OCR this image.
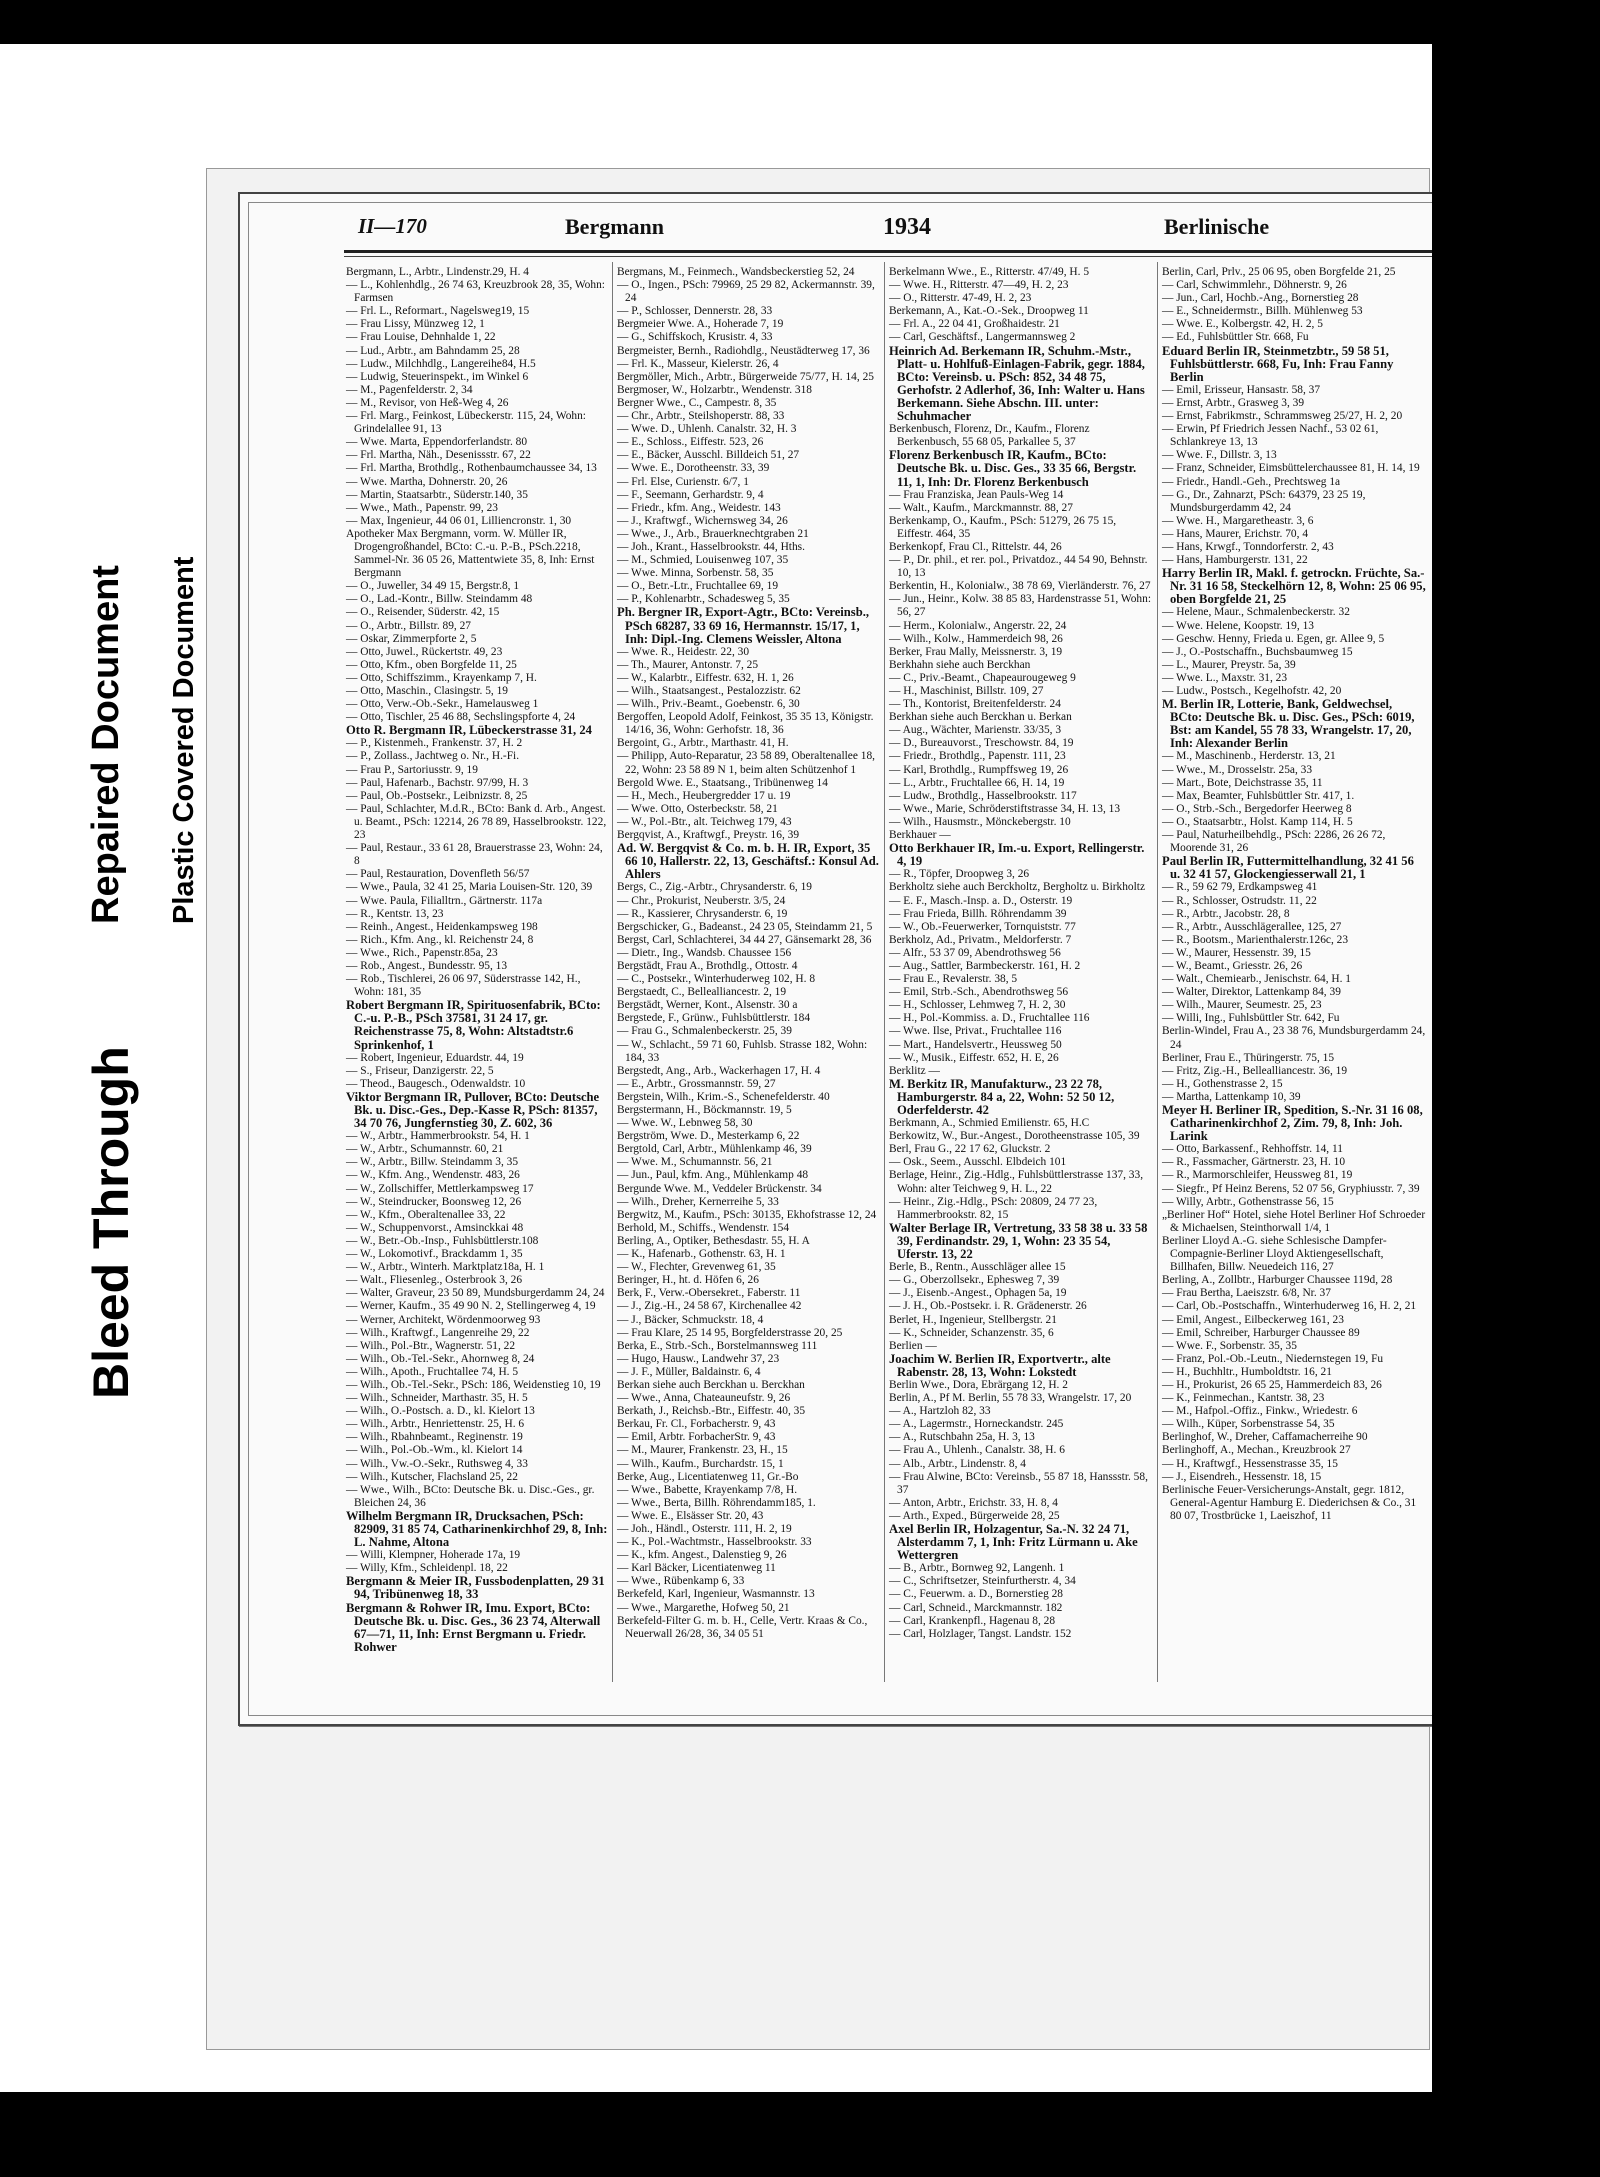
Bleed Through
Repaired Document Plastic Covered Document
II—170	Bergmann	1934	Berlinische

Bergmann, L., Arbtr., Lindenstr.29, H. 4

— L., Kohlenhdlg., 26 74 63, Kreuzbrook 28, 35, Wohn: Farmsen

— Frl. L., Reformart., Nagelsweg19, 15

— Frau Lissy, Münzweg 12, 1

— Frau Louise, Dehnhalde 1, 22

— Lud., Arbtr., am Bahndamm 25, 28

— Ludw., Milchhdlg., Langereihe84, H.5

— Ludwig, Steuerinspekt., im Winkel 6

— M., Pagenfelderstr. 2, 34

— M., Revisor, von Heß-Weg 4, 26

— Frl. Marg., Feinkost, Lübeckerstr. 115, 24, Wohn: Grindelallee 91, 13

— Wwe. Marta, Eppendorferlandstr. 80

— Frl. Martha, Näh., Desenissstr. 67, 22

— Frl. Martha, Brothdlg., Rothenbaumchaussee 34, 13

— Wwe. Martha, Dohnerstr. 20, 26

— Martin, Staatsarbtr., Süderstr.140, 35

— Wwe., Math., Papenstr. 99, 23

— Max, Ingenieur, 44 06 01, Lilliencronstr. 1, 30

Apotheker Max Bergmann, vorm. W. Müller IR, Drogengroßhandel, BCto: C.-u. P.-B., PSch.2218, Sammel-Nr. 36 05 26, Mattentwiete 35, 8, Inh: Ernst Bergmann

— O., Juweller, 34 49 15, Bergstr.8, 1

— O., Lad.-Kontr., Billw. Steindamm 48

— O., Reisender, Süderstr. 42, 15

— O., Arbtr., Billstr. 89, 27

— Oskar, Zimmerpforte 2, 5

— Otto, Juwel., Rückertstr. 49, 23

— Otto, Kfm., oben Borgfelde 11, 25

— Otto, Schiffszimm., Krayenkamp 7, H.

— Otto, Maschin., Clasingstr. 5, 19

— Otto, Verw.-Ob.-Sekr., Hamelausweg 1

— Otto, Tischler, 25 46 88, Sechslingspforte 4, 24

Otto R. Bergmann IR, Lübeckerstrasse 31, 24

— P., Kistenmeh., Frankenstr. 37, H. 2

— P., Zollass., Jachtweg o. Nr., H.-Fi.

— Frau P., Sartoriusstr. 9, 19

— Paul, Hafenarb., Bachstr. 97/99, H. 3

— Paul, Ob.-Postsekr., Leibnizstr. 8, 25

— Paul, Schlachter, M.d.R., BCto: Bank d. Arb., Angest. u. Beamt., PSch: 12214, 26 78 89, Hasselbrookstr. 122, 23

— Paul, Restaur., 33 61 28, Brauerstrasse 23, Wohn: 24, 8

— Paul, Restauration, Dovenfleth 56/57

— Wwe., Paula, 32 41 25, Maria Louisen-Str. 120, 39

— Wwe. Paula, Filialltrn., Gärtnerstr. 117a

— R., Kentstr. 13, 23

— Reinh., Angest., Heidenkampsweg 198

— Rich., Kfm. Ang., kl. Reichenstr 24, 8

— Wwe., Rich., Papenstr.85a, 23

— Rob., Angest., Bundesstr. 95, 13

— Rob., Tischlerei, 26 06 97, Süderstrasse 142, H., Wohn: 181, 35

Robert Bergmann IR, Spirituosenfabrik, BCto: C.-u. P.-B., PSch 37581, 31 24 17, gr. Reichenstrasse 75, 8, Wohn: Altstadtstr.6 Sprinkenhof, 1

— Robert, Ingenieur, Eduardstr. 44, 19

— S., Friseur, Danzigerstr. 22, 5

— Theod., Baugesch., Odenwaldstr. 10

Viktor Bergmann IR, Pullover, BCto: Deutsche Bk. u. Disc.-Ges., Dep.-Kasse R, PSch: 81357, 34 70 76, Jungfernstieg 30, Z. 602, 36

— W., Arbtr., Hammerbrookstr. 54, H. 1

— W., Arbtr., Schumannstr. 60, 21

— W., Arbtr., Billw. Steindamm 3, 35

— W., Kfm. Ang., Wendenstr. 483, 26

— W., Zollschiffer, Mettlerkampsweg 17

— W., Steindrucker, Boonsweg 12, 26

— W., Kfm., Oberaltenallee 33, 22

— W., Schuppenvorst., Amsinckkai 48

— W., Betr.-Ob.-Insp., Fuhlsbüttlerstr.108

— W., Lokomotivf., Brackdamm 1, 35

— W., Arbtr., Winterh. Marktplatz18a, H. 1

— Walt., Fliesenleg., Osterbrook 3, 26

— Walter, Graveur, 23 50 89, Mundsburgerdamm 24, 24

— Werner, Kaufm., 35 49 90 N. 2, Stellingerweg 4, 19

— Werner, Architekt, Wördenmoorweg 93

— Wilh., Kraftwgf., Langenreihe 29, 22

— Wilh., Pol.-Btr., Wagnerstr. 51, 22

— Wilh., Ob.-Tel.-Sekr., Ahornweg 8, 24

— Wilh., Apoth., Fruchtallee 74, H. 5

— Wilh., Ob.-Tel.-Sekr., PSch: 186, Weidenstieg 10, 19

— Wilh., Schneider, Marthastr. 35, H. 5

— Wilh., O.-Postsch. a. D., kl. Kielort 13

— Wilh., Arbtr., Henriettenstr. 25, H. 6

— Wilh., Rbahnbeamt., Reginenstr. 19

— Wilh., Pol.-Ob.-Wm., kl. Kielort 14

— Wilh., Vw.-O.-Sekr., Ruthsweg 4, 33

— Wilh., Kutscher, Flachsland 25, 22

— Wwe., Wilh., BCto: Deutsche Bk. u. Disc.-Ges., gr. Bleichen 24, 36

Wilhelm Bergmann IR, Drucksachen, PSch: 82909, 31 85 74, Catharinenkirchhof 29, 8, Inh: L. Nahme, Altona

— Willi, Klempner, Hoherade 17a, 19

— Willy, Kfm., Schleidenpl. 18, 22

Bergmann & Meier IR, Fussbodenplatten, 29 31 94, Tribünenweg 18, 33

Bergmann & Rohwer IR, Imu. Export, BCto: Deutsche Bk. u. Disc. Ges., 36 23 74, Alterwall 67—71, 11, Inh: Ernst Bergmann u. Friedr. Rohwer

Bergmans, M., Feinmech., Wandsbeckerstieg 52, 24

— O., Ingen., PSch: 79969, 25 29 82, Ackermannstr. 39, 24

— P., Schlosser, Dennerstr. 28, 33

Bergmeier Wwe. A., Hoherade 7, 19

— G., Schiffskoch, Krusistr. 4, 33

Bergmeister, Bernh., Radiohdlg., Neustädterweg 17, 36

— Frl. K., Masseur, Kielerstr. 26, 4

Bergmöller, Mich., Arbtr., Bürgerweide 75/77, H. 14, 25

Bergmoser, W., Holzarbtr., Wendenstr. 318

Bergner Wwe., C., Campestr. 8, 35

— Chr., Arbtr., Steilshoperstr. 88, 33

— Wwe. D., Uhlenh. Canalstr. 32, H. 3

— E., Schloss., Eiffestr. 523, 26

— E., Bäcker, Ausschl. Billdeich 51, 27

— Wwe. E., Dorotheenstr. 33, 39

— Frl. Else, Curienstr. 6/7, 1

— F., Seemann, Gerhardstr. 9, 4

— Friedr., kfm. Ang., Weidestr. 143

— J., Kraftwgf., Wichernsweg 34, 26

— Wwe., J., Arb., Brauerknechtgraben 21

— Joh., Krant., Hasselbrookstr. 44, Hths.

— M., Schmied, Louisenweg 107, 35

— Wwe. Minna, Sorbenstr. 58, 35

— O., Betr.-Ltr., Fruchtallee 69, 19

— P., Kohlenarbtr., Schadesweg 5, 35

Ph. Bergner IR, Export-Agtr., BCto: Vereinsb., PSch 68287, 33 69 16, Hermannstr. 15/17, 1, Inh: Dipl.-Ing. Clemens Weissler, Altona

— Wwe. R., Heidestr. 22, 30

— Th., Maurer, Antonstr. 7, 25

— W., Kalarbtr., Eiffestr. 632, H. 1, 26

— Wilh., Staatsangest., Pestalozzistr. 62

— Wilh., Priv.-Beamt., Goebenstr. 6, 30

Bergoffen, Leopold Adolf, Feinkost, 35 35 13, Königstr. 14/16, 36, Wohn: Gerhofstr. 18, 36

Bergoint, G., Arbtr., Marthastr. 41, H.

— Philipp, Auto-Reparatur, 23 58 89, Oberaltenallee 18, 22, Wohn: 23 58 89 N 1, beim alten Schützenhof 1

Bergold Wwe. E., Staatsang., Tribünenweg 14

— H., Mech., Heubergredder 17 u. 19

— Wwe. Otto, Osterbeckstr. 58, 21

— W., Pol.-Btr., alt. Teichweg 179, 43

Bergqvist, A., Kraftwgf., Preystr. 16, 39

Ad. W. Bergqvist & Co. m. b. H. IR, Export, 35 66 10, Hallerstr. 22, 13, Geschäftsf.: Konsul Ad. Ahlers

Bergs, C., Zig.-Arbtr., Chrysanderstr. 6, 19

— Chr., Prokurist, Neuberstr. 3/5, 24

— R., Kassierer, Chrysanderstr. 6, 19

Bergschicker, G., Badeanst., 24 23 05, Steindamm 21, 5

Bergst, Carl, Schlachterei, 34 44 27, Gänsemarkt 28, 36

— Dietr., Ing., Wandsb. Chaussee 156

Bergstädt, Frau A., Brothdlg., Ottostr. 4

— C., Postsekr., Winterhuderweg 102, H. 8

Bergstaedt, C., Bellealliancestr. 2, 19

Bergstädt, Werner, Kont., Alsenstr. 30 a

Bergstede, F., Grünw., Fuhlsbüttlerstr. 184

— Frau G., Schmalenbeckerstr. 25, 39

— W., Schlacht., 59 71 60, Fuhlsb. Strasse 182, Wohn: 184, 33

Bergstedt, Ang., Arb., Wackerhagen 17, H. 4

— E., Arbtr., Grossmannstr. 59, 27

Bergstein, Wilh., Krim.-S., Schenefelderstr. 40

Bergstermann, H., Böckmannstr. 19, 5

— Wwe. W., Lebnweg 58, 30

Bergström, Wwe. D., Mesterkamp 6, 22

Bergtold, Carl, Arbtr., Mühlenkamp 46, 39

— Wwe. M., Schumannstr. 56, 21

— Jun., Paul, kfm. Ang., Mühlenkamp 48

Bergunde Wwe. M., Veddeler Brückenstr. 34

— Wilh., Dreher, Kernerreihe 5, 33

Bergwitz, M., Kaufm., PSch: 30135, Ekhofstrasse 12, 24

Berhold, M., Schiffs., Wendenstr. 154

Berling, A., Optiker, Bethesdastr. 55, H. A

— K., Hafenarb., Gothenstr. 63, H. 1

— W., Flechter, Grevenweg 61, 35

Beringer, H., ht. d. Höfen 6, 26

Berk, F., Verw.-Obersekret., Faberstr. 11

— J., Zig.-H., 24 58 67, Kirchenallee 42

— J., Bäcker, Schmuckstr. 18, 4

— Frau Klare, 25 14 95, Borgfelderstrasse 20, 25

Berka, E., Strb.-Sch., Borstelmannsweg 111

— Hugo, Hausw., Landwehr 37, 23

— J. F., Müller, Baldainstr. 6, 4

Berkan siehe auch Berckhan u. Berckhan

— Wwe., Anna, Chateauneufstr. 9, 26

Berkath, J., Reichsb.-Btr., Eiffestr. 40, 35

Berkau, Fr. Cl., Forbacherstr. 9, 43

— Emil, Arbtr. ForbacherStr. 9, 43

— M., Maurer, Frankenstr. 23, H., 15

— Wilh., Kaufm., Burchardstr. 15, 1

Berke, Aug., Licentiatenweg 11, Gr.-Bo

— Wwe., Babette, Krayenkamp 7/8, H.

— Wwe., Berta, Billh. Röhrendamm185, 1.

— Wwe. E., Elsässer Str. 20, 43

— Joh., Händl., Osterstr. 111, H. 2, 19

— K., Pol.-Wachtmstr., Hasselbrookstr. 33

— K., kfm. Angest., Dalenstieg 9, 26

— Karl Bäcker, Licentiatenweg 11

— Wwe., Rübenkamp 6, 33

Berkefeld, Karl, Ingenieur, Wasmannstr. 13

— Wwe., Margarethe, Hofweg 50, 21

Berkefeld-Filter G. m. b. H., Celle, Vertr. Kraas & Co., Neuerwall 26/28, 36, 34 05 51

Berkelmann Wwe., E., Ritterstr. 47/49, H. 5

— Wwe. H., Ritterstr. 47—49, H. 2, 23

— O., Ritterstr. 47-49, H. 2, 23

Berkemann, A., Kat.-O.-Sek., Droopweg 11

— Frl. A., 22 04 41, Großhaidestr. 21

— Carl, Geschäftsf., Langermannsweg 2

Heinrich Ad. Berkemann IR, Schuhm.-Mstr., Platt- u. Hohlfuß-Einlagen-Fabrik, gegr. 1884, BCto: Vereinsb. u. PSch: 852, 34 48 75, Gerhofstr. 2 Adlerhof, 36, Inh: Walter u. Hans Berkemann. Siehe Abschn. III. unter: Schuhmacher

Berkenbusch, Florenz, Dr., Kaufm., Florenz Berkenbusch, 55 68 05, Parkallee 5, 37

Florenz Berkenbusch IR, Kaufm., BCto: Deutsche Bk. u. Disc. Ges., 33 35 66, Bergstr. 11, 1, Inh: Dr. Florenz Berkenbusch

— Frau Franziska, Jean Pauls-Weg 14

— Walt., Kaufm., Marckmannstr. 88, 27

Berkenkamp, O., Kaufm., PSch: 51279, 26 75 15, Eiffestr. 464, 35

Berkenkopf, Frau Cl., Rittelstr. 44, 26

— P., Dr. phil., et rer. pol., Privatdoz., 44 54 90, Behnstr. 10, 13

Berkentin, H., Kolonialw., 38 78 69, Vierländerstr. 76, 27

— Jun., Heinr., Kolw. 38 85 83, Hardenstrasse 51, Wohn: 56, 27

— Herm., Kolonialw., Angerstr. 22, 24

— Wilh., Kolw., Hammerdeich 98, 26

Berker, Frau Mally, Meissnerstr. 3, 19

Berkhahn siehe auch Berckhan

— C., Priv.-Beamt., Chapeaurougeweg 9

— H., Maschinist, Billstr. 109, 27

— Th., Kontorist, Breitenfelderstr. 24

Berkhan siehe auch Berckhan u. Berkan

— Aug., Wächter, Marienstr. 33/35, 3

— D., Bureauvorst., Treschowstr. 84, 19

— Friedr., Brothdlg., Papenstr. 111, 23

— Karl, Brothdlg., Rumpffsweg 19, 26

— L., Arbtr., Fruchtallee 66, H. 14, 19

— Ludw., Brothdlg., Hasselbrookstr. 117

— Wwe., Marie, Schröderstiftstrasse 34, H. 13, 13

— Wilh., Hausmstr., Mönckebergstr. 10

Berkhauer —

Otto Berkhauer IR, Im.-u. Export, Rellingerstr. 4, 19

— R., Töpfer, Droopweg 3, 26

Berkholtz siehe auch Berckholtz, Bergholtz u. Birkholtz

— E. F., Masch.-Insp. a. D., Osterstr. 19

— Frau Frieda, Billh. Röhrendamm 39

— W., Ob.-Feuerwerker, Tornquiststr. 77

Berkholz, Ad., Privatm., Meldorferstr. 7

— Alfr., 53 37 09, Abendrothsweg 56

— Aug., Sattler, Barmbeckerstr. 161, H. 2

— Frau E., Revalerstr. 38, 5

— Emil, Strb.-Sch., Abendrothsweg 56

— H., Schlosser, Lehmweg 7, H. 2, 30

— H., Pol.-Kommiss. a. D., Fruchtallee 116

— Wwe. Ilse, Privat., Fruchtallee 116

— Mart., Handelsvertr., Heussweg 50

— W., Musik., Eiffestr. 652, H. E, 26

Berklitz —

M. Berkitz IR, Manufakturw., 23 22 78, Hamburgerstr. 84 a, 22, Wohn: 52 50 12, Oderfelderstr. 42

Berkmann, A., Schmied Emilienstr. 65, H.C

Berkowitz, W., Bur.-Angest., Dorotheenstrasse 105, 39

Berl, Frau G., 22 17 62, Gluckstr. 2

— Osk., Seem., Ausschl. Elbdeich 101

Berlage, Heinr., Zig.-Hdlg., Fuhlsbüttlerstrasse 137, 33, Wohn: alter Teichweg 9, H. L., 22

— Heinr., Zig.-Hdlg., PSch: 20809, 24 77 23, Hammerbrookstr. 82, 15

Walter Berlage IR, Vertretung, 33 58 38 u. 33 58 39, Ferdinandstr. 29, 1, Wohn: 23 35 54, Uferstr. 13, 22

Berle, B., Rentn., Ausschläger allee 15

— G., Oberzollsekr., Ephesweg 7, 39

— J., Eisenb.-Angest., Ophagen 5a, 19

— J. H., Ob.-Postsekr. i. R. Grädenerstr. 26

Berlet, H., Ingenieur, Stellbergstr. 21

— K., Schneider, Schanzenstr. 35, 6

Berlien —

Joachim W. Berlien IR, Exportvertr., alte Rabenstr. 28, 13, Wohn: Lokstedt

Berlin Wwe., Dora, Ebrärgang 12, H. 2

Berlin, A., Pf M. Berlin, 55 78 33, Wrangelstr. 17, 20

— A., Hartzloh 82, 33

— A., Lagermstr., Horneckandstr. 245

— A., Rutschbahn 25a, H. 3, 13

— Frau A., Uhlenh., Canalstr. 38, H. 6

— Alb., Arbtr., Lindenstr. 8, 4

— Frau Alwine, BCto: Vereinsb., 55 87 18, Hanssstr. 58, 37

— Anton, Arbtr., Erichstr. 33, H. 8, 4

— Arth., Exped., Bürgerweide 28, 25

Axel Berlin IR, Holzagentur, Sa.-N. 32 24 71, Alsterdamm 7, 1, Inh: Fritz Lürmann u. Ake Wettergren

— B., Arbtr., Bornweg 92, Langenh. 1

— C., Schriftsetzer, Steinfurtherstr. 4, 34

— C., Feuerwm. a. D., Bornerstieg 28

— Carl, Schneid., Marckmannstr. 182

— Carl, Krankenpfl., Hagenau 8, 28

— Carl, Holzlager, Tangst. Landstr. 152

Berlin, Carl, Prlv., 25 06 95, oben Borgfelde 21, 25

— Carl, Schwimmlehr., Döhnerstr. 9, 26

— Jun., Carl, Hochb.-Ang., Bornerstieg 28

— E., Schneidermstr., Billh. Mühlenweg 53

— Wwe. E., Kolbergstr. 42, H. 2, 5

— Ed., Fuhlsbüttler Str. 668, Fu

Eduard Berlin IR, Steinmetzbtr., 59 58 51, Fuhlsbüttlerstr. 668, Fu, Inh: Frau Fanny Berlin

— Emil, Erisseur, Hansastr. 58, 37

— Ernst, Arbtr., Grasweg 3, 39

— Ernst, Fabrikmstr., Schrammsweg 25/27, H. 2, 20

— Erwin, Pf Friedrich Jessen Nachf., 53 02 61, Schlankreye 13, 13

— Wwe. F., Dillstr. 3, 13

— Franz, Schneider, Eimsbüttelerchaussee 81, H. 14, 19

— Friedr., Handl.-Geh., Prechtsweg 1a

— G., Dr., Zahnarzt, PSch: 64379, 23 25 19, Mundsburgerdamm 42, 24

— Wwe. H., Margaretheastr. 3, 6

— Hans, Maurer, Erichstr. 70, 4

— Hans, Krwgf., Tonndorferstr. 2, 43

— Hans, Hamburgerstr. 131, 22

Harry Berlin IR, Makl. f. getrockn. Früchte, Sa.-Nr. 31 16 58, Steckelhörn 12, 8, Wohn: 25 06 95, oben Borgfelde 21, 25

— Helene, Maur., Schmalenbeckerstr. 32

— Wwe. Helene, Koopstr. 19, 13

— Geschw. Henny, Frieda u. Egen, gr. Allee 9, 5

— J., O.-Postschaffn., Buchsbaumweg 15

— L., Maurer, Preystr. 5a, 39

— Wwe. L., Maxstr. 31, 23

— Ludw., Postsch., Kegelhofstr. 42, 20

M. Berlin IR, Lotterie, Bank, Geldwechsel, BCto: Deutsche Bk. u. Disc. Ges., PSch: 6019, Bst: am Kandel, 55 78 33, Wrangelstr. 17, 20, Inh: Alexander Berlin

— M., Maschinenb., Herderstr. 13, 21

— Wwe., M., Drosselstr. 25a, 33

— Mart., Bote, Deichstrasse 35, 11

— Max, Beamter, Fuhlsbüttler Str. 417, 1.

— O., Strb.-Sch., Bergedorfer Heerweg 8

— O., Staatsarbtr., Holst. Kamp 114, H. 5

— Paul, Naturheilbehdlg., PSch: 2286, 26 26 72, Moorende 31, 26

Paul Berlin IR, Futtermittelhandlung, 32 41 56 u. 32 41 57, Glockengiesserwall 21, 1

— R., 59 62 79, Erdkampsweg 41

— R., Schlosser, Ostrudstr. 11, 22

— R., Arbtr., Jacobstr. 28, 8

— R., Arbtr., Ausschlägerallee, 125, 27

— R., Bootsm., Marienthalerstr.126c, 23

— W., Maurer, Hessenstr. 39, 15

— W., Beamt., Griesstr. 26, 26

— Walt., Chemiearb., Jenischstr. 64, H. 1

— Walter, Direktor, Lattenkamp 84, 39

— Wilh., Maurer, Seumestr. 25, 23

— Willi, Ing., Fuhlsbüttler Str. 642, Fu

Berlin-Windel, Frau A., 23 38 76, Mundsburgerdamm 24, 24

Berliner, Frau E., Thüringerstr. 75, 15

— Fritz, Zig.-H., Bellealliancestr. 36, 19

— H., Gothenstrasse 2, 15

— Martha, Lattenkamp 10, 39

Meyer H. Berliner IR, Spedition, S.-Nr. 31 16 08, Catharinenkirchhof 2, Zim. 79, 8, Inh: Joh. Larink

— Otto, Barkassenf., Rehhoffstr. 14, 11

— R., Fassmacher, Gärtnerstr. 23, H. 10

— R., Marmorschleifer, Heussweg 81, 19

— Siegfr., Pf Heinz Berens, 52 07 56, Gryphiusstr. 7, 39

— Willy, Arbtr., Gothenstrasse 56, 15

„Berliner Hof“ Hotel, siehe Hotel Berliner Hof Schroeder & Michaelsen, Steinthorwall 1/4, 1

Berliner Lloyd A.-G. siehe Schlesische Dampfer-Compagnie-Berliner Lloyd Aktiengesellschaft, Billhafen, Billw. Neuedeich 116, 27

Berling, A., Zollbtr., Harburger Chaussee 119d, 28

— Frau Bertha, Laeiszstr. 6/8, Nr. 37

— Carl, Ob.-Postschaffn., Winterhuderweg 16, H. 2, 21

— Emil, Angest., Eilbeckerweg 161, 23

— Emil, Schreiber, Harburger Chaussee 89

— Wwe. F., Sorbenstr. 35, 35

— Franz, Pol.-Ob.-Leutn., Niedernstegen 19, Fu

— H., Buchhltr., Humboldtstr. 16, 21

— H., Prokurist, 26 65 25, Hammerdeich 83, 26

— K., Feinmechan., Kantstr. 38, 23

— M., Hafpol.-Offiz., Finkw., Wriedestr. 6

— Wilh., Küper, Sorbenstrasse 54, 35

Berlinghof, W., Dreher, Caffamacherreihe 90

Berlinghoff, A., Mechan., Kreuzbrook 27

— H., Kraftwgf., Hessenstrasse 35, 15

— J., Eisendreh., Hessenstr. 18, 15

Berlinische Feuer-Versicherungs-Anstalt, gegr. 1812, General-Agentur Hamburg E. Diederichsen & Co., 31 80 07, Trostbrücke 1, Laeiszhof, 11
